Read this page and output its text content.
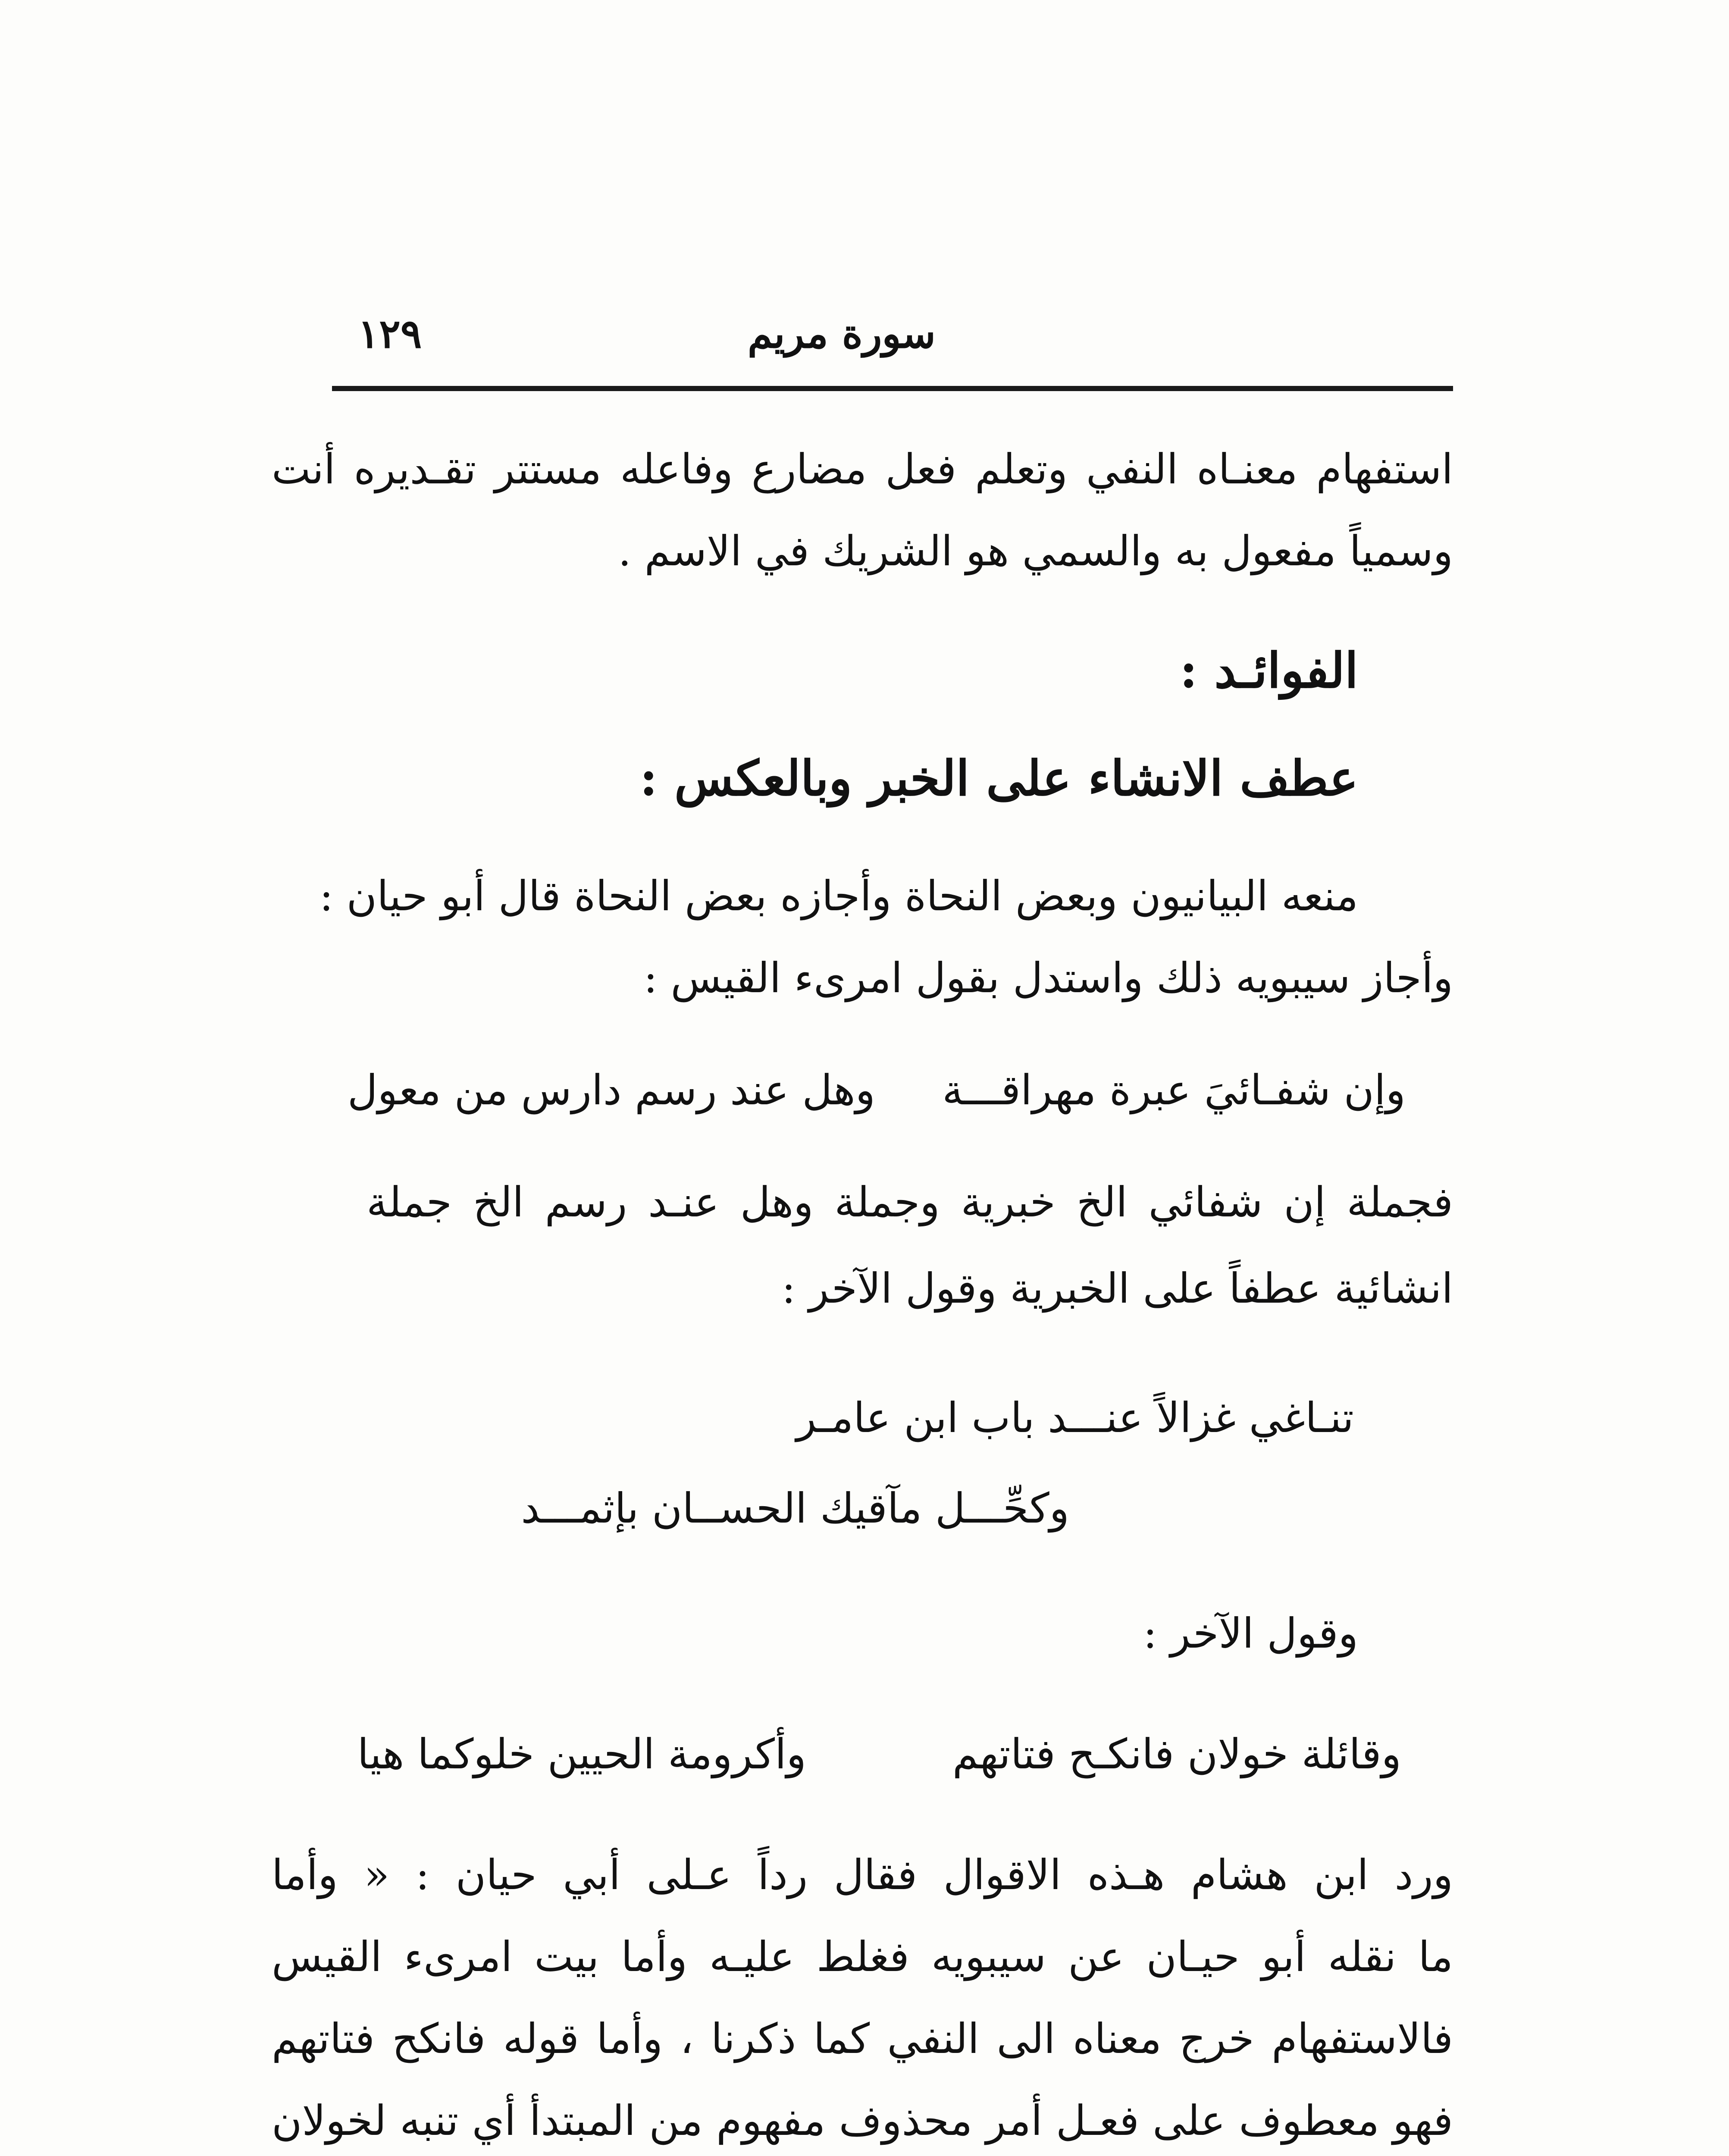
سورة مريم
١٢٩
استفهام معنـاه النفي وتعلم فعل مضارع وفاعله مستتر تقـديره أنت
وسمياً مفعول به والسمي هو الشريك في الاسم .
الفوائـد :
عطف الانشاء على الخبر وبالعكس :
منعه البيانيون وبعض النحاة وأجازه بعض النحاة قال أبو حيان :
وأجاز سيبويه ذلك واستدل بقول امرىء القيس :
وإن شفـائيَ عبرة مهراقـــة
وهل عند رسم دارس من معول
فجملة إن شفائي الخ خبرية وجملة وهل عنـد رسم الخ جملة
انشائية عطفاً على الخبرية وقول الآخر :
تنـاغي غزالاً عنـــد باب ابن عامـر
وكحِّـــل مآقيك الحســان بإثمـــد
وقول الآخر :
وقائلة خولان فانكـح فتاتهم
وأكرومة الحيين خلوكما هيا
ورد ابن هشام هـذه الاقوال فقال رداً عـلى أبي حيان : « وأما
ما نقله أبو حيـان عن سيبويه فغلط عليـه وأما بيت امرىء القيس
فالاستفهام خرج معناه الى النفي كما ذكرنا ، وأما قوله فانكح فتاتهم
فهو معطوف على فعـل أمر محذوف مفهوم من المبتدأ أي تنبه لخولان
